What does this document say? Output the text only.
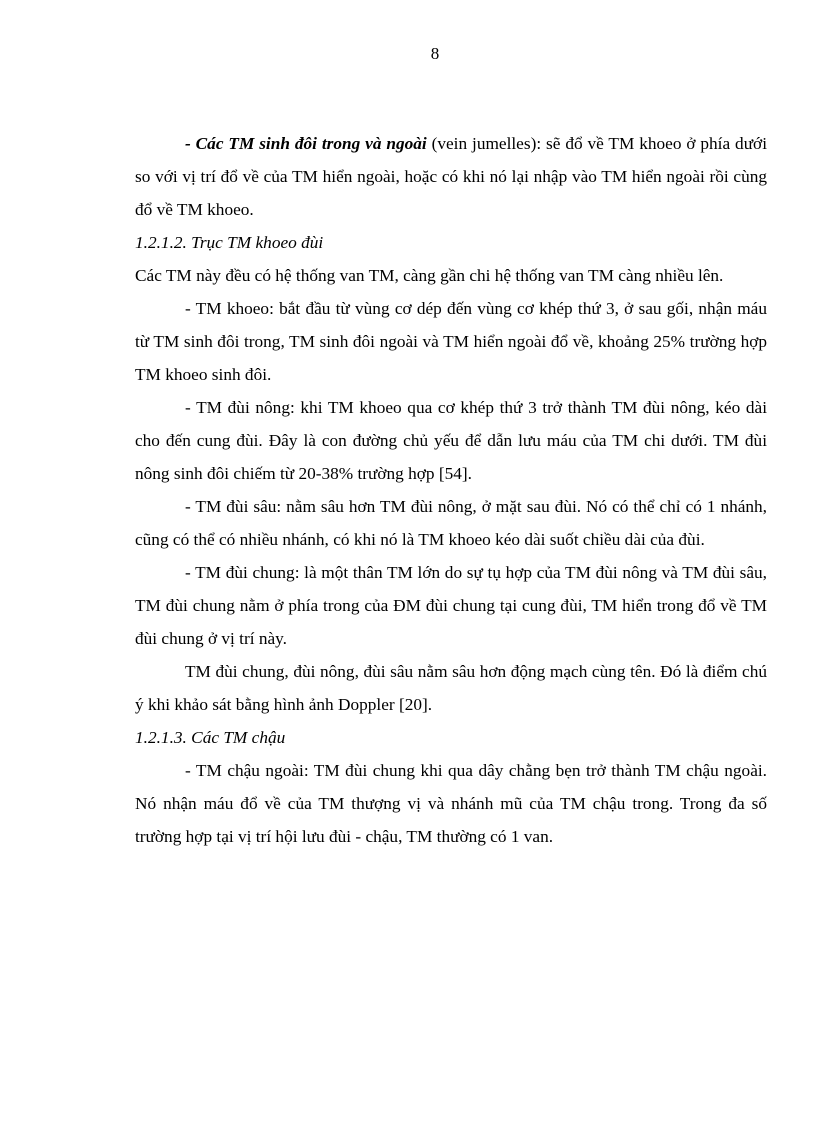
8

- Các TM sinh đôi trong và ngoài (vein jumelles): sẽ đổ về TM khoeo ở phía dưới so với vị trí đổ về của TM hiển ngoài, hoặc có khi nó lại nhập vào TM hiển ngoài rồi cùng đổ về TM khoeo.

1.2.1.2. Trục TM khoeo đùi

Các TM này đều có hệ thống van TM, càng gần chi hệ thống van TM càng nhiều lên.

- TM khoeo: bắt đầu từ vùng cơ dép đến vùng cơ khép thứ 3, ở sau gối, nhận máu từ TM sinh đôi trong, TM sinh đôi ngoài và TM hiển ngoài đổ về, khoảng 25% trường hợp TM khoeo sinh đôi.

- TM đùi nông: khi TM khoeo qua cơ khép thứ 3 trở thành TM đùi nông, kéo dài cho đến cung đùi. Đây là con đường chủ yếu để dẫn lưu máu của TM chi dưới. TM đùi nông sinh đôi chiếm từ 20-38% trường hợp [54].

- TM đùi sâu: nằm sâu hơn TM đùi nông, ở mặt sau đùi. Nó có thể chỉ có 1 nhánh, cũng có thể có nhiều nhánh, có khi nó là TM khoeo kéo dài suốt chiều dài của đùi.

- TM đùi chung: là một thân TM lớn do sự tụ hợp của TM đùi nông và TM đùi sâu, TM đùi chung nằm ở phía trong của ĐM đùi chung tại cung đùi, TM hiển trong đổ về TM đùi chung ở vị trí này.

TM đùi chung, đùi nông, đùi sâu nằm sâu hơn động mạch cùng tên. Đó là điểm chú ý khi khảo sát bằng hình ảnh Doppler [20].

1.2.1.3. Các TM chậu

- TM chậu ngoài: TM đùi chung khi qua dây chằng bẹn trở thành TM chậu ngoài. Nó nhận máu đổ về của TM thượng vị và nhánh mũ của TM chậu trong. Trong đa số trường hợp tại vị trí hội lưu đùi - chậu, TM thường có 1 van.
